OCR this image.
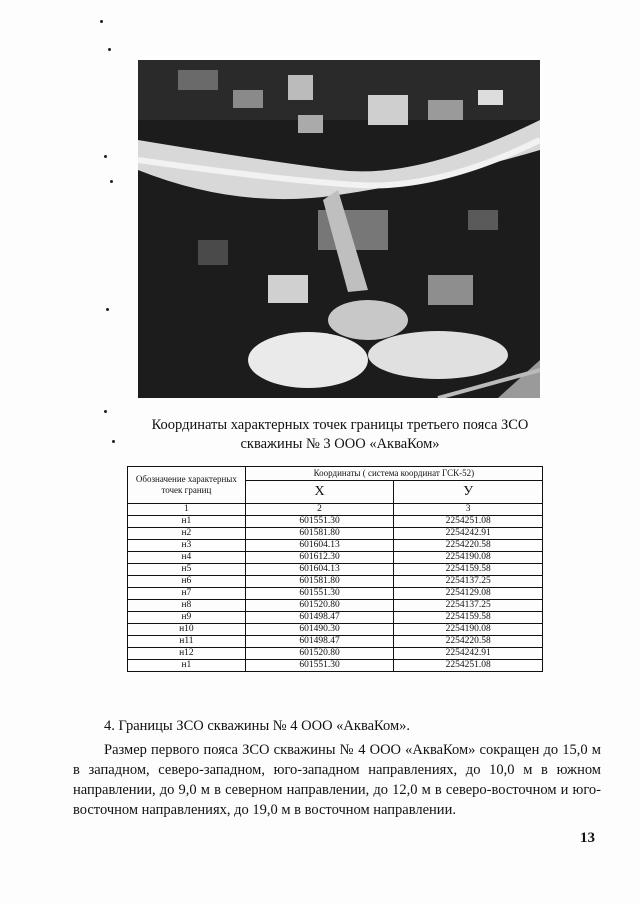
Координаты характерных точек границы третьего пояса ЗСО
скважины № 3 ООО «АкваКом»
Обозначение характерных точек границ	Координаты ( система координат ГСК-52)	
	X	У
1	2	3
н1	601551.30	2254251.08
н2	601581.80	2254242.91
н3	601604.13	2254220.58
н4	601612.30	2254190.08
н5	601604.13	2254159.58
н6	601581.80	2254137.25
н7	601551.30	2254129.08
н8	601520.80	2254137.25
н9	601498.47	2254159.58
н10	601490.30	2254190.08
н11	601498.47	2254220.58
н12	601520.80	2254242.91
н1	601551.30	2254251.08
4. Границы ЗСО скважины № 4 ООО «АкваКом».
Размер первого пояса ЗСО скважины № 4 ООО «АкваКом» сокращен до 15,0 м в западном, северо-западном, юго-западном направлениях, до 10,0 м в южном направлении, до 9,0 м в северном направлении, до 12,0 м в северо-восточном и юго-восточном направлениях, до 19,0 м в восточном направлении.
13
